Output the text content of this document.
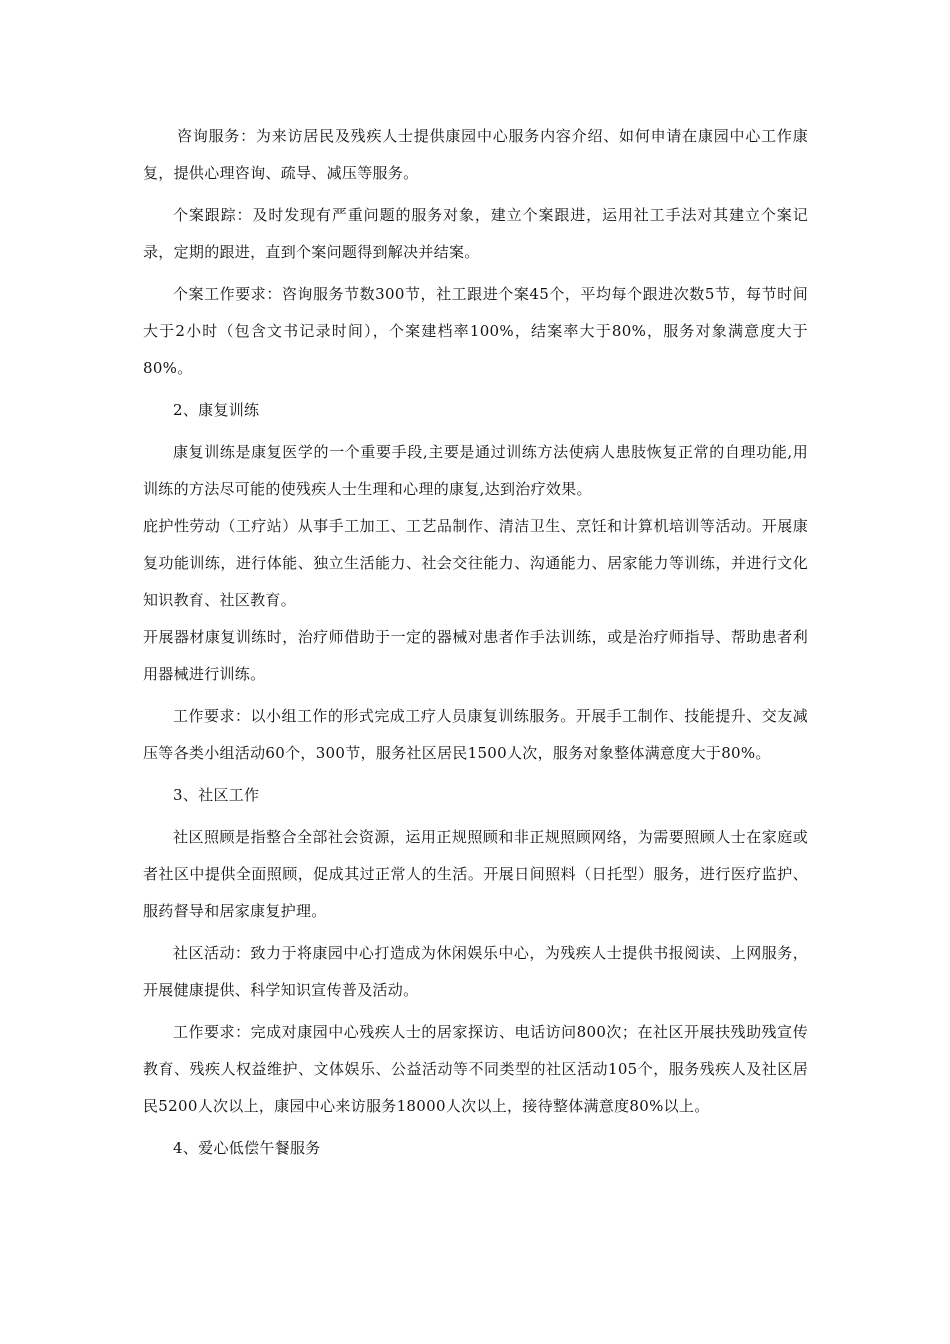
咨询服务：为来访居民及残疾人士提供康园中心服务内容介绍、如何申请在康园中心工作康复，提供心理咨询、疏导、减压等服务。

个案跟踪：及时发现有严重问题的服务对象，建立个案跟进，运用社工手法对其建立个案记录，定期的跟进，直到个案问题得到解决并结案。

个案工作要求：咨询服务节数300节，社工跟进个案45个，平均每个跟进次数5节，每节时间大于2小时（包含文书记录时间），个案建档率100%，结案率大于80%，服务对象满意度大于80%。

2、康复训练

康复训练是康复医学的一个重要手段,主要是通过训练方法使病人患肢恢复正常的自理功能,用训练的方法尽可能的使残疾人士生理和心理的康复,达到治疗效果。

庇护性劳动（工疗站）从事手工加工、工艺品制作、清洁卫生、烹饪和计算机培训等活动。开展康复功能训练，进行体能、独立生活能力、社会交往能力、沟通能力、居家能力等训练，并进行文化知识教育、社区教育。

开展器材康复训练时，治疗师借助于一定的器械对患者作手法训练，或是治疗师指导、帮助患者利用器械进行训练。

工作要求：以小组工作的形式完成工疗人员康复训练服务。开展手工制作、技能提升、交友减压等各类小组活动60个，300节，服务社区居民1500人次，服务对象整体满意度大于80%。

3、社区工作

社区照顾是指整合全部社会资源，运用正规照顾和非正规照顾网络，为需要照顾人士在家庭或者社区中提供全面照顾，促成其过正常人的生活。开展日间照料（日托型）服务，进行医疗监护、服药督导和居家康复护理。

社区活动：致力于将康园中心打造成为休闲娱乐中心，为残疾人士提供书报阅读、上网服务，开展健康提供、科学知识宣传普及活动。

工作要求：完成对康园中心残疾人士的居家探访、电话访问800次；在社区开展扶残助残宣传教育、残疾人权益维护、文体娱乐、公益活动等不同类型的社区活动105个，服务残疾人及社区居民5200人次以上，康园中心来访服务18000人次以上，接待整体满意度80%以上。

4、爱心低偿午餐服务
